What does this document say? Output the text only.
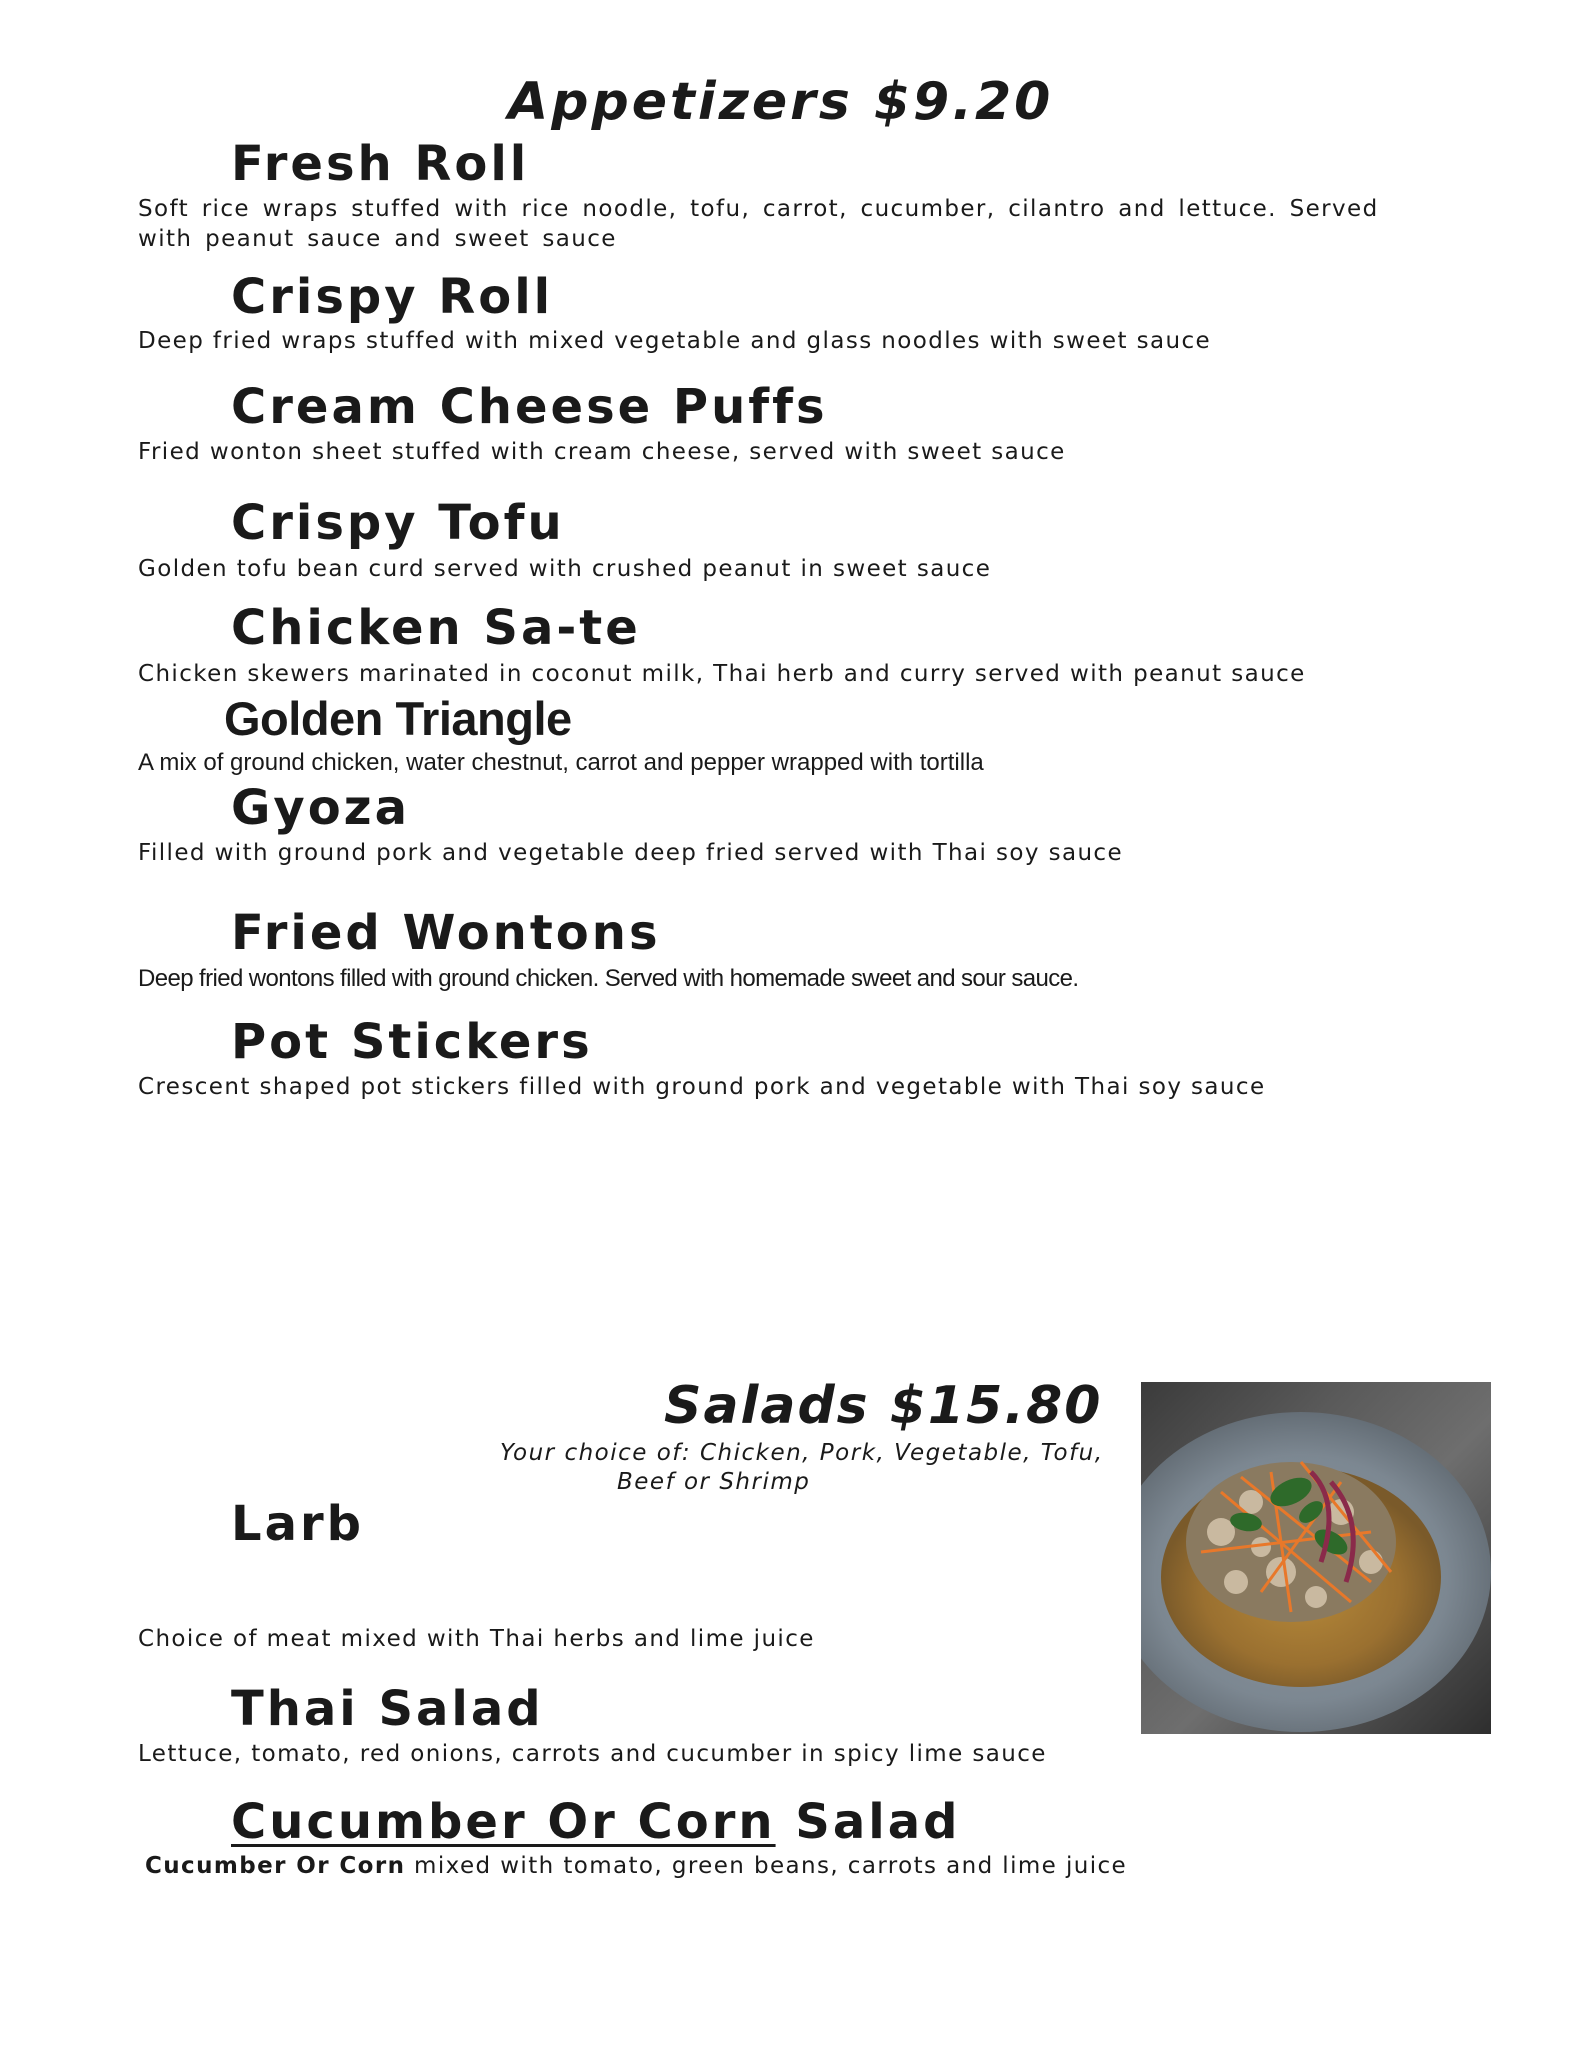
Appetizers $9.20
Fresh Roll

Soft rice wraps stuffed with rice noodle, tofu, carrot, cucumber, cilantro and lettuce. Served with peanut sauce and sweet sauce

Crispy Roll

Deep fried wraps stuffed with mixed vegetable and glass noodles with sweet sauce

Cream Cheese Puffs

Fried wonton sheet stuffed with cream cheese, served with sweet sauce

Crispy Tofu

Golden tofu bean curd served with crushed peanut in sweet sauce

Chicken Sa-te

Chicken skewers marinated in coconut milk, Thai herb and curry served with peanut sauce

Golden Triangle

A mix of ground chicken, water chestnut, carrot and pepper wrapped with tortilla

Gyoza

Filled with ground pork and vegetable deep fried served with Thai soy sauce

Fried Wontons

Deep fried wontons filled with ground chicken. Served with homemade sweet and sour sauce.

Pot Stickers

Crescent shaped pot stickers filled with ground pork and vegetable with Thai soy sauce

Salads $15.80

Your choice of: Chicken, Pork, Vegetable, Tofu,

Beef or Shrimp

Larb

Choice of meat mixed with Thai herbs and lime juice

Thai Salad

Lettuce, tomato, red onions, carrots and cucumber in spicy lime sauce

Cucumber Or Corn Salad

Cucumber Or Corn mixed with tomato, green beans, carrots and lime juice
